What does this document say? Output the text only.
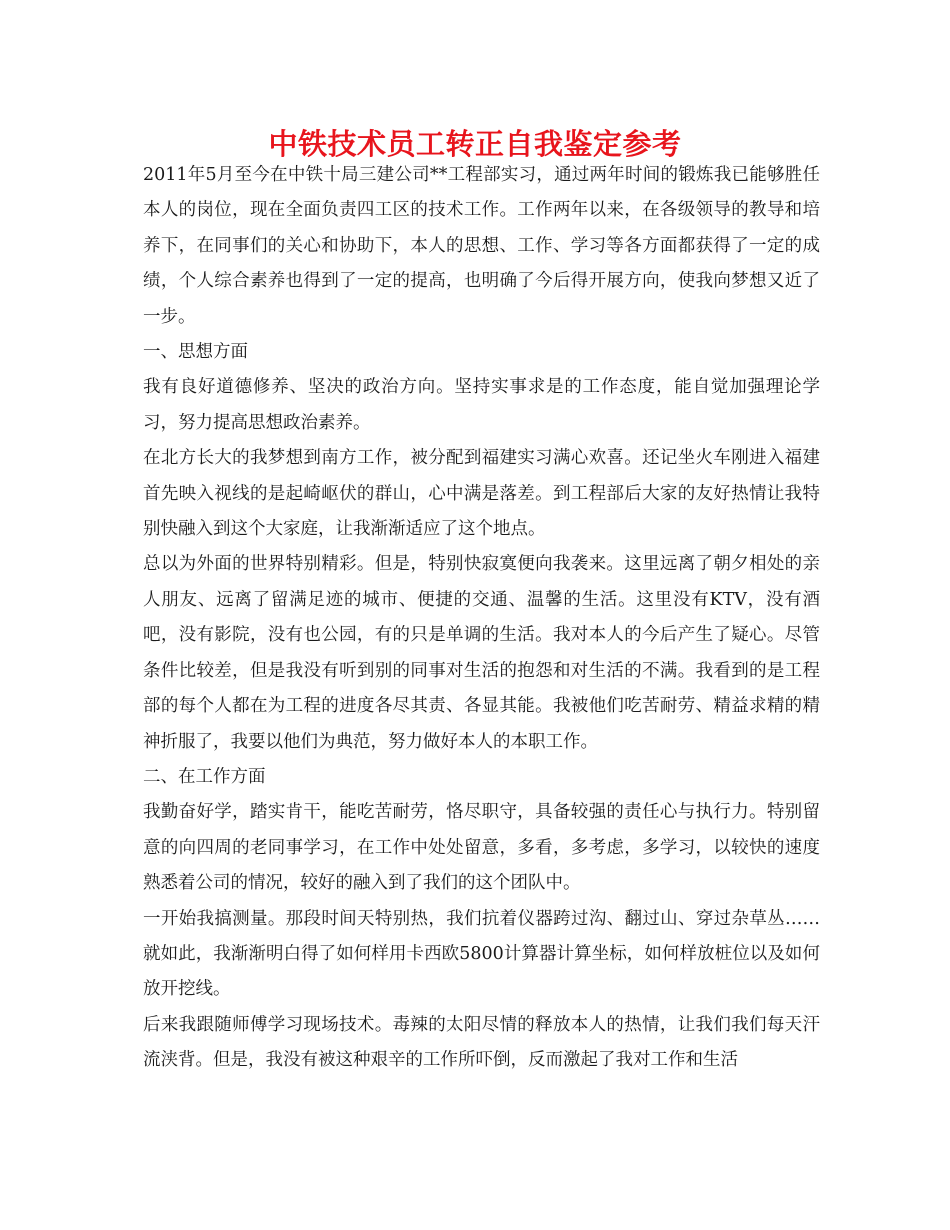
中铁技术员工转正自我鉴定参考

2011年5月至今在中铁十局三建公司**工程部实习，通过两年时间的锻炼我已能够胜任本人的岗位，现在全面负责四工区的技术工作。工作两年以来，在各级领导的教导和培养下，在同事们的关心和协助下，本人的思想、工作、学习等各方面都获得了一定的成绩，个人综合素养也得到了一定的提高，也明确了今后得开展方向，使我向梦想又近了一步。

一、思想方面

我有良好道德修养、坚决的政治方向。坚持实事求是的工作态度，能自觉加强理论学习，努力提高思想政治素养。

在北方长大的我梦想到南方工作，被分配到福建实习满心欢喜。还记坐火车刚进入福建首先映入视线的是起崎岖伏的群山，心中满是落差。到工程部后大家的友好热情让我特别快融入到这个大家庭，让我渐渐适应了这个地点。

总以为外面的世界特别精彩。但是，特别快寂寞便向我袭来。这里远离了朝夕相处的亲人朋友、远离了留满足迹的城市、便捷的交通、温馨的生活。这里没有KTV，没有酒吧，没有影院，没有也公园，有的只是单调的生活。我对本人的今后产生了疑心。尽管条件比较差，但是我没有听到别的同事对生活的抱怨和对生活的不满。我看到的是工程部的每个人都在为工程的进度各尽其责、各显其能。我被他们吃苦耐劳、精益求精的精神折服了，我要以他们为典范，努力做好本人的本职工作。

二、在工作方面

我勤奋好学，踏实肯干，能吃苦耐劳，恪尽职守，具备较强的责任心与执行力。特别留意的向四周的老同事学习，在工作中处处留意，多看，多考虑，多学习，以较快的速度熟悉着公司的情况，较好的融入到了我们的这个团队中。

一开始我搞测量。那段时间天特别热，我们抗着仪器跨过沟、翻过山、穿过杂草丛……就如此，我渐渐明白得了如何样用卡西欧5800计算器计算坐标，如何样放桩位以及如何放开挖线。

后来我跟随师傅学习现场技术。毒辣的太阳尽情的释放本人的热情，让我们我们每天汗流浃背。但是，我没有被这种艰辛的工作所吓倒，反而激起了我对工作和生活
